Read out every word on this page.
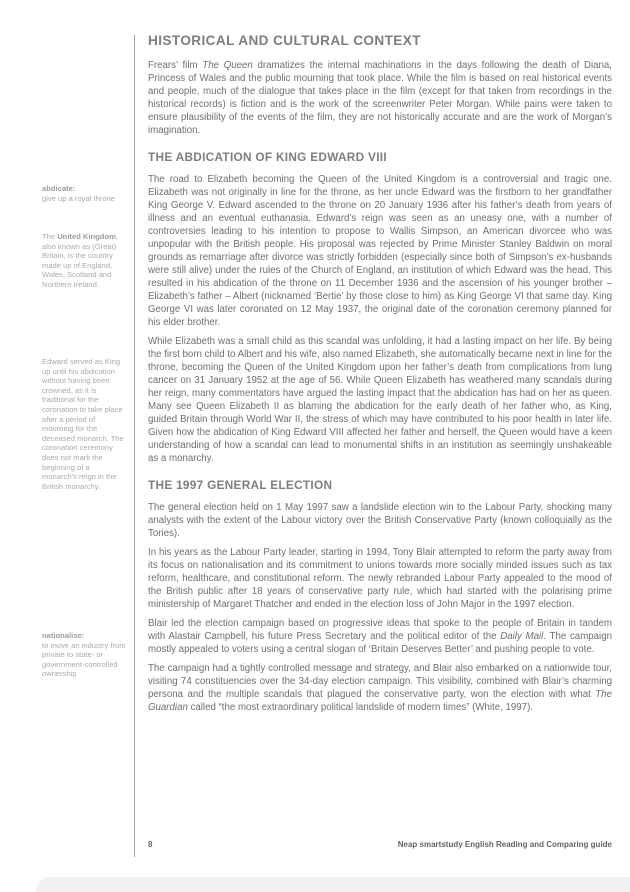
abdicate:
give up a royal throne
The United Kingdom, also known as (Great) Britain, is the country made up of England, Wales, Scotland and Northern Ireland.
Edward served as King up until his abdication without having been crowned, as it is traditional for the coronation to take place after a period of mourning for the deceased monarch. The coronation ceremony does not mark the beginning of a monarch’s reign in the British monarchy.
nationalise:
to move an industry from private to state- or government-controlled ownership
HISTORICAL AND CULTURAL CONTEXT

Frears’ film The Queen dramatizes the internal machinations in the days following the death of Diana, Princess of Wales and the public mourning that took place. While the film is based on real historical events and people, much of the dialogue that takes place in the film (except for that taken from recordings in the historical records) is fiction and is the work of the screenwriter Peter Morgan. While pains were taken to ensure plausibility of the events of the film, they are not historically accurate and are the work of Morgan’s imagination.

THE ABDICATION OF KING EDWARD VIII

The road to Elizabeth becoming the Queen of the United Kingdom is a controversial and tragic one. Elizabeth was not originally in line for the throne, as her uncle Edward was the firstborn to her grandfather King George V. Edward ascended to the throne on 20 January 1936 after his father’s death from years of illness and an eventual euthanasia. Edward’s reign was seen as an uneasy one, with a number of controversies leading to his intention to propose to Wallis Simpson, an American divorcee who was unpopular with the British people. His proposal was rejected by Prime Minister Stanley Baldwin on moral grounds as remarriage after divorce was strictly forbidden (especially since both of Simpson’s ex-husbands were still alive) under the rules of the Church of England, an institution of which Edward was the head. This resulted in his abdication of the throne on 11 December 1936 and the ascension of his younger brother – Elizabeth’s father – Albert (nicknamed ‘Bertie’ by those close to him) as King George VI that same day. King George VI was later coronated on 12 May 1937, the original date of the coronation ceremony planned for his elder brother.

While Elizabeth was a small child as this scandal was unfolding, it had a lasting impact on her life. By being the first born child to Albert and his wife, also named Elizabeth, she automatically became next in line for the throne, becoming the Queen of the United Kingdom upon her father’s death from complications from lung cancer on 31 January 1952 at the age of 56. While Queen Elizabeth has weathered many scandals during her reign, many commentators have argued the lasting impact that the abdication has had on her as queen. Many see Queen Elizabeth II as blaming the abdication for the early death of her father who, as King, guided Britain through World War II, the stress of which may have contributed to his poor health in later life. Given how the abdication of King Edward VIII affected her father and herself, the Queen would have a keen understanding of how a scandal can lead to monumental shifts in an institution as seemingly unshakeable as a monarchy.

THE 1997 GENERAL ELECTION

The general election held on 1 May 1997 saw a landslide election win to the Labour Party, shocking many analysts with the extent of the Labour victory over the British Conservative Party (known colloquially as the Tories).

In his years as the Labour Party leader, starting in 1994, Tony Blair attempted to reform the party away from its focus on nationalisation and its commitment to unions towards more socially minded issues such as tax reform, healthcare, and constitutional reform. The newly rebranded Labour Party appealed to the mood of the British public after 18 years of conservative party rule, which had started with the polarising prime ministership of Margaret Thatcher and ended in the election loss of John Major in the 1997 election.

Blair led the election campaign based on progressive ideas that spoke to the people of Britain in tandem with Alastair Campbell, his future Press Secretary and the political editor of the Daily Mail. The campaign mostly appealed to voters using a central slogan of ‘Britain Deserves Better’ and pushing people to vote.

The campaign had a tightly controlled message and strategy, and Blair also embarked on a nationwide tour, visiting 74 constituencies over the 34-day election campaign. This visibility, combined with Blair’s charming persona and the multiple scandals that plagued the conservative party, won the election with what The Guardian called “the most extraordinary political landslide of modern times” (White, 1997).

8	Neap smartstudy English Reading and Comparing guide
